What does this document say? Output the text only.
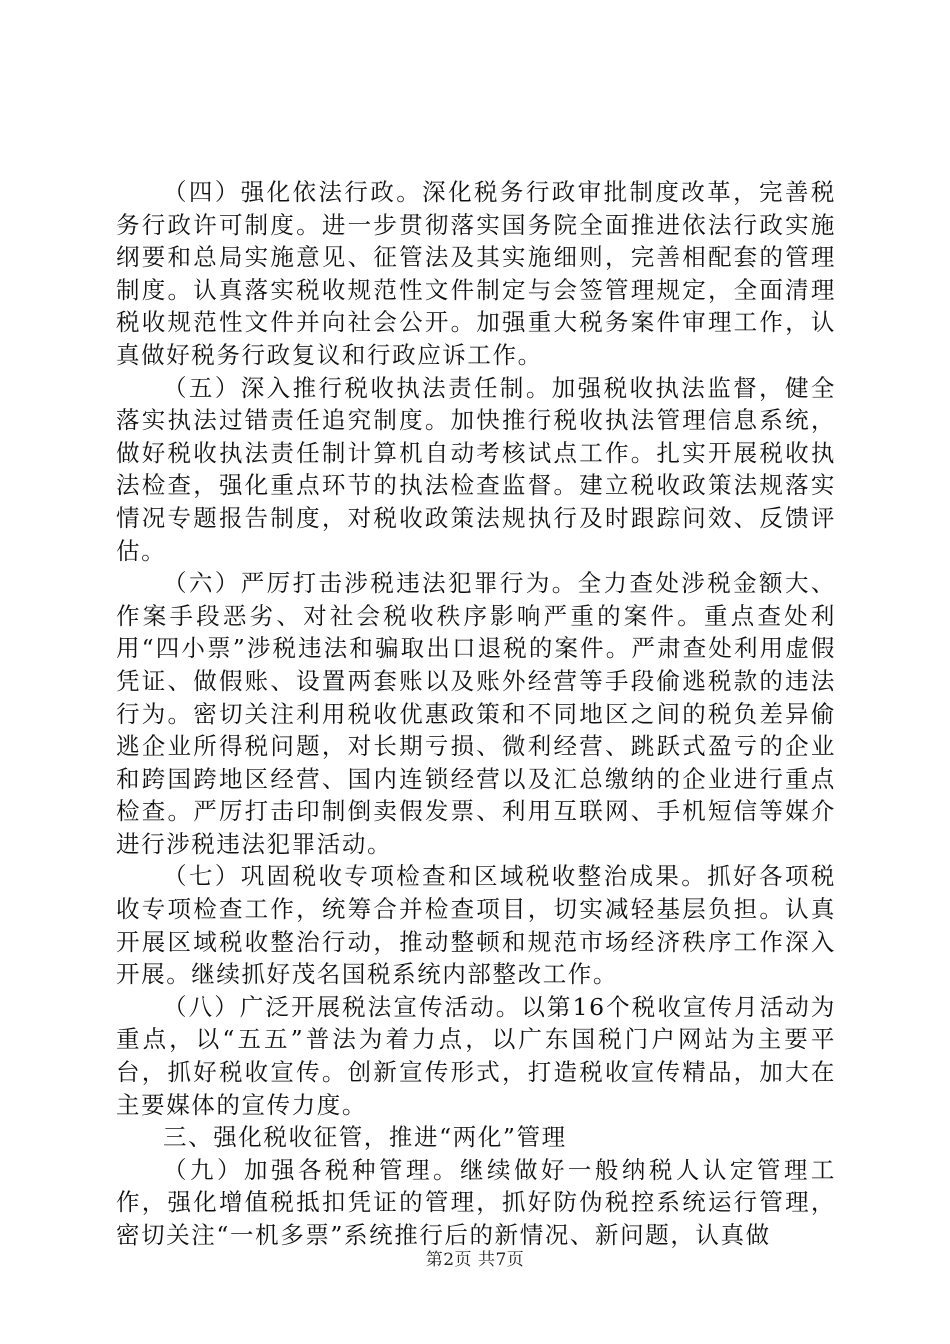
（四）强化依法行政。深化税务行政审批制度改革，完善税务行政许可制度。进一步贯彻落实国务院全面推进依法行政实施纲要和总局实施意见、征管法及其实施细则，完善相配套的管理制度。认真落实税收规范性文件制定与会签管理规定，全面清理税收规范性文件并向社会公开。加强重大税务案件审理工作，认真做好税务行政复议和行政应诉工作。

（五）深入推行税收执法责任制。加强税收执法监督，健全落实执法过错责任追究制度。加快推行税收执法管理信息系统，做好税收执法责任制计算机自动考核试点工作。扎实开展税收执法检查，强化重点环节的执法检查监督。建立税收政策法规落实情况专题报告制度，对税收政策法规执行及时跟踪问效、反馈评估。

（六）严厉打击涉税违法犯罪行为。全力查处涉税金额大、作案手段恶劣、对社会税收秩序影响严重的案件。重点查处利用“四小票”涉税违法和骗取出口退税的案件。严肃查处利用虚假凭证、做假账、设置两套账以及账外经营等手段偷逃税款的违法行为。密切关注利用税收优惠政策和不同地区之间的税负差异偷逃企业所得税问题，对长期亏损、微利经营、跳跃式盈亏的企业和跨国跨地区经营、国内连锁经营以及汇总缴纳的企业进行重点检查。严厉打击印制倒卖假发票、利用互联网、手机短信等媒介进行涉税违法犯罪活动。

（七）巩固税收专项检查和区域税收整治成果。抓好各项税收专项检查工作，统筹合并检查项目，切实减轻基层负担。认真开展区域税收整治行动，推动整顿和规范市场经济秩序工作深入开展。继续抓好茂名国税系统内部整改工作。

（八）广泛开展税法宣传活动。以第16个税收宣传月活动为重点，以“五五”普法为着力点，以广东国税门户网站为主要平台，抓好税收宣传。创新宣传形式，打造税收宣传精品，加大在主要媒体的宣传力度。

三、强化税收征管，推进“两化”管理

（九）加强各税种管理。继续做好一般纳税人认定管理工作，强化增值税抵扣凭证的管理，抓好防伪税控系统运行管理，密切关注“一机多票”系统推行后的新情况、新问题，认真做

第2页 共7页
